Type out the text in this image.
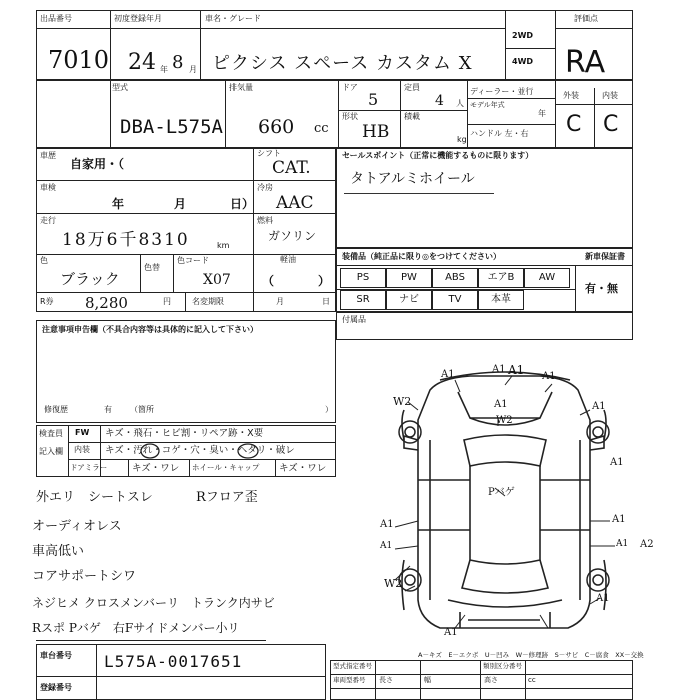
出品番号
7010
初度登録年月
24 年 8 月
車名・グレード
ピクシス スペース カスタム X
2WD
4WD
評価点
RA
型式
DBA-L575A
排気量
660 cc
ドア
5
定員
4 人
形状
HB
積載
kg
ディーラー・並行
モデル年式
年
ハンドル 左・右
外装	内装
C C
車歴
自家用・（
車検
年	月	日）
走行
18万6千8310	km
色
ブラック
色替
色コード
X07
R券 8,280	円	名変期限	月	日
シフト
CAT.
冷房
AAC
燃料
ガソリン
軽油
（	）
セールスポイント（正常に機能するものに限ります）
タトアルミホイール
装備品（純正品に限り◎をつけてください）	新車保証書
PS	PW	ABS	エアB	AW
SR	ナビ	TV	本革
有・無
付属品
注意事項申告欄（不具合内容等は具体的に記入して下さい）
修復歴	有 （箇所	）
検査員
記入欄
FW キズ・飛石・ヒビ割・リペア跡・X要
内装 キズ・汚れ・コゲ・穴・臭い・ヘタリ・破レ
ドアミラー	キズ・ワレ ホイール・キャップ キズ・ワレ
外エリ　シートスレ	Rフロア歪
オーディオレス
車高低い
コアサポートシワ
ネジヒメ クロスメンバーリ　トランク内サビ
Rスポ Pバゲ　右Fサイドメンバー小リ
A1	A1 A1 A1
W2
W2
A1	A1
A1
A1
Pバゲ
A1
A1	A1 A2
W2
A1
A1
A－キズ　E－エクボ　U－凹み　W－修理跡　S－サビ　C－腐食　XX－交換
車台番号 L575A-0017651
登録番号
型式指定番号	類別区分番号
車両型番号 長さ	幅	高さ	cc
